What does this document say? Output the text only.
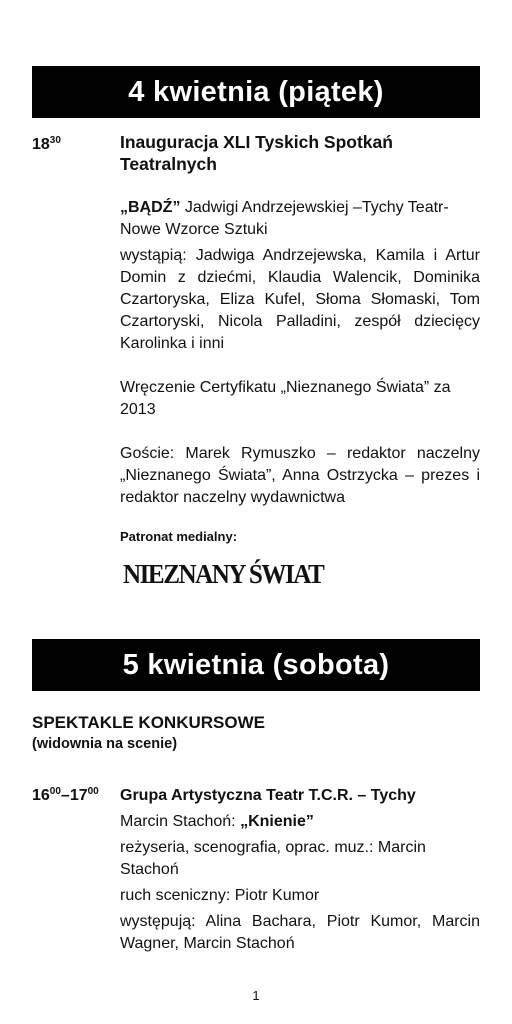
4 kwietnia (piątek)
$18^{30}$	Inauguracja XLI Tyskich Spotkań Teatralnych

„BĄDŹ” Jadwigi Andrzejewskiej –Tychy Teatr-Nowe Wzorce Sztuki

wystąpią: Jadwiga Andrzejewska, Kamila i Artur Domin z dziećmi, Klaudia Walencik, Dominika Czartoryska, Eliza Kufel, Słoma Słomaski, Tom Czartoryski, Nicola Palladini, zespół dziecięcy Karolinka i inni

Wręczenie Certyfikatu „Nieznanego Świata” za 2013

Goście: Marek Rymuszko – redaktor naczelny „Nieznanego Świata”, Anna Ostrzycka – prezes i redaktor naczelny wydawnictwa

Patronat medialny:

NIEZNANY ŚWIAT
5 kwietnia (sobota)
SPEKTAKLE KONKURSOWE
(widownia na scenie)
$16^{00}-17^{00}$ Grupa Artystyczna Teatr T.C.R. – Tychy

Marcin Stachoń: „Knienie”

reżyseria, scenografia, oprac. muz.: Marcin Stachoń

ruch sceniczny: Piotr Kumor

występują: Alina Bachara, Piotr Kumor, Marcin Wagner, Marcin Stachoń

1
